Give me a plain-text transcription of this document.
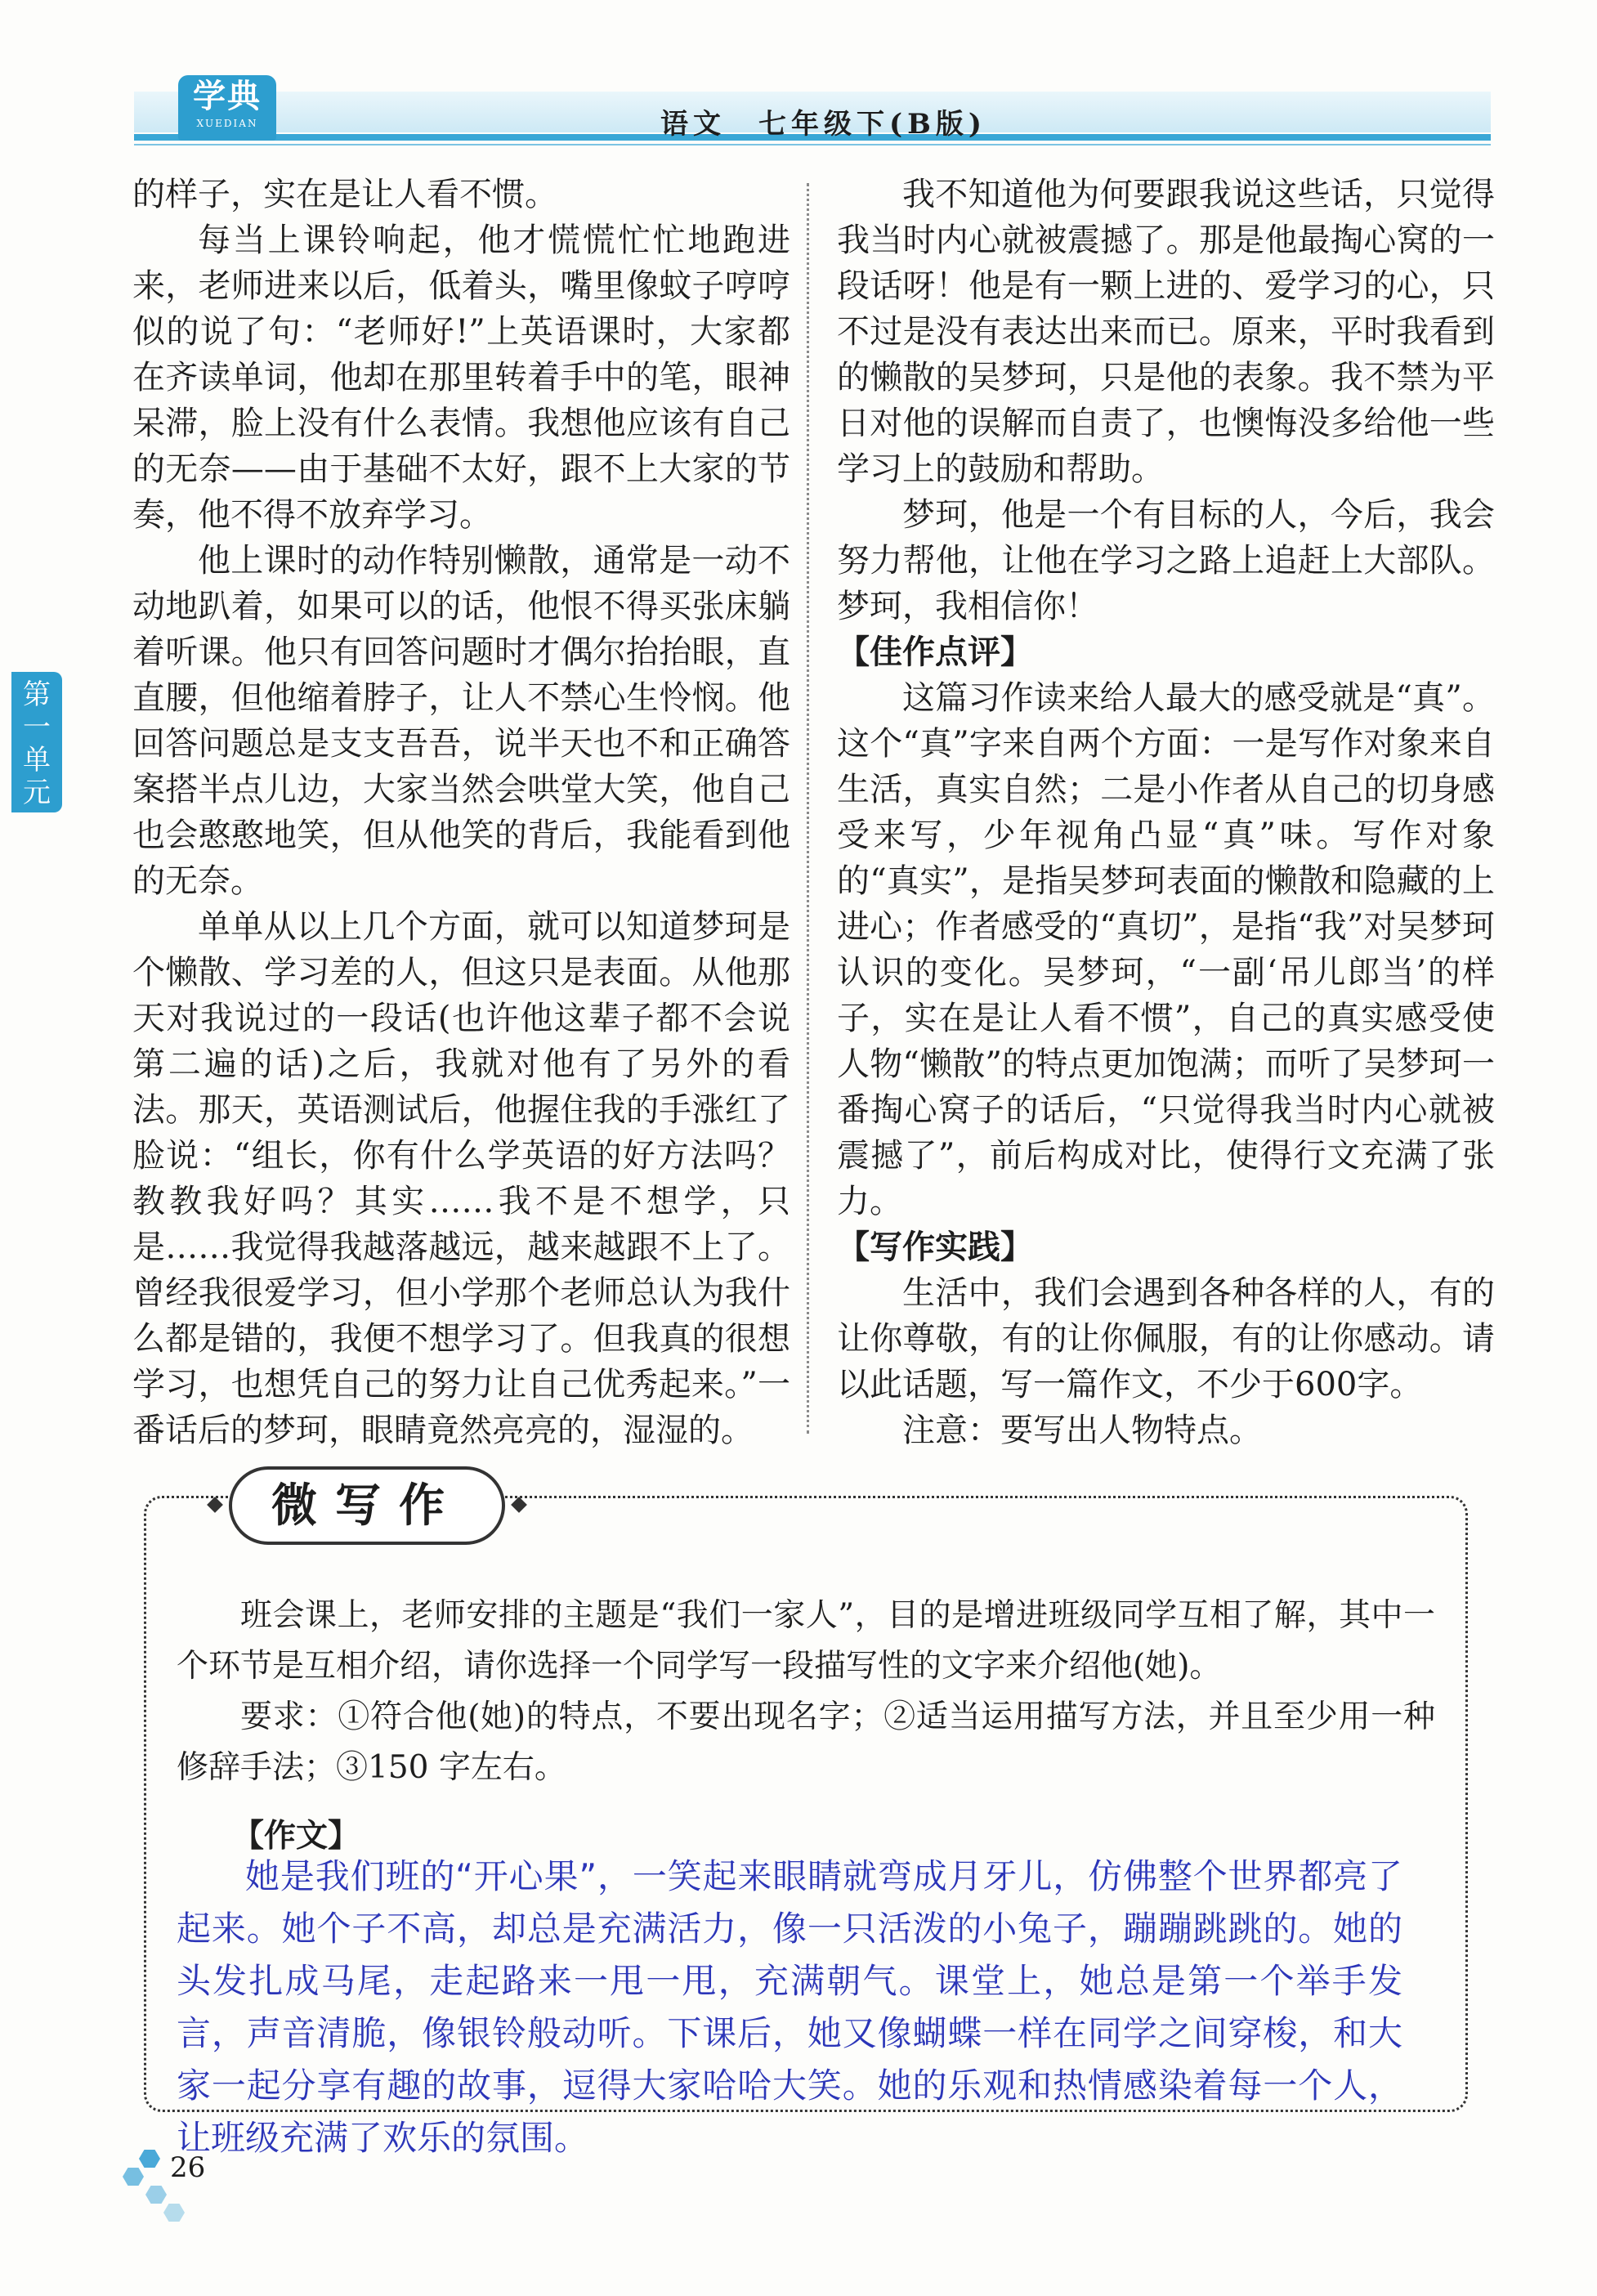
学典
XUEDIAN	语文　七年级下(B版)
第一单元

的样子，实在是让人看不惯。

每当上课铃响起，他才慌慌忙忙地跑进来，老师进来以后，低着头，嘴里像蚊子哼哼似的说了句：“老师好!”上英语课时，大家都在齐读单词，他却在那里转着手中的笔，眼神呆滞，脸上没有什么表情。我想他应该有自己的无奈——由于基础不太好，跟不上大家的节奏，他不得不放弃学习。

他上课时的动作特别懒散，通常是一动不动地趴着，如果可以的话，他恨不得买张床躺着听课。他只有回答问题时才偶尔抬抬眼，直直腰，但他缩着脖子，让人不禁心生怜悯。他回答问题总是支支吾吾，说半天也不和正确答案搭半点儿边，大家当然会哄堂大笑，他自己也会憨憨地笑，但从他笑的背后，我能看到他的无奈。

单单从以上几个方面，就可以知道梦珂是个懒散、学习差的人，但这只是表面。从他那天对我说过的一段话(也许他这辈子都不会说第二遍的话)之后，我就对他有了另外的看法。那天，英语测试后，他握住我的手涨红了脸说：“组长，你有什么学英语的好方法吗？教教我好吗？其实……我不是不想学，只是……我觉得我越落越远，越来越跟不上了。曾经我很爱学习，但小学那个老师总认为我什么都是错的，我便不想学习了。但我真的很想学习，也想凭自己的努力让自己优秀起来。”一番话后的梦珂，眼睛竟然亮亮的，湿湿的。

我不知道他为何要跟我说这些话，只觉得我当时内心就被震撼了。那是他最掏心窝的一段话呀！他是有一颗上进的、爱学习的心，只不过是没有表达出来而已。原来，平时我看到的懒散的吴梦珂，只是他的表象。我不禁为平日对他的误解而自责了，也懊悔没多给他一些学习上的鼓励和帮助。

梦珂，他是一个有目标的人，今后，我会努力帮他，让他在学习之路上追赶上大部队。梦珂，我相信你！

【佳作点评】

这篇习作读来给人最大的感受就是“真”。这个“真”字来自两个方面：一是写作对象来自生活，真实自然；二是小作者从自己的切身感受来写，少年视角凸显“真”味。写作对象的“真实”，是指吴梦珂表面的懒散和隐藏的上进心；作者感受的“真切”，是指“我”对吴梦珂认识的变化。吴梦珂，“一副‘吊儿郎当’的样子，实在是让人看不惯”，自己的真实感受使人物“懒散”的特点更加饱满；而听了吴梦珂一番掏心窝子的话后，“只觉得我当时内心就被震撼了”，前后构成对比，使得行文充满了张力。

【写作实践】

生活中，我们会遇到各种各样的人，有的让你尊敬，有的让你佩服，有的让你感动。请以此话题，写一篇作文，不少于600字。

注意：要写出人物特点。

微写作

班会课上，老师安排的主题是“我们一家人”，目的是增进班级同学互相了解，其中一个环节是互相介绍，请你选择一个同学写一段描写性的文字来介绍他(她)。

要求：①符合他(她)的特点，不要出现名字；②适当运用描写方法，并且至少用一种修辞手法；③150 字左右。

【作文】

她是我们班的“开心果”，一笑起来眼睛就弯成月牙儿，仿佛整个世界都亮了起来。她个子不高，却总是充满活力，像一只活泼的小兔子，蹦蹦跳跳的。她的头发扎成马尾，走起路来一甩一甩，充满朝气。课堂上，她总是第一个举手发言，声音清脆，像银铃般动听。下课后，她又像蝴蝶一样在同学之间穿梭，和大家一起分享有趣的故事，逗得大家哈哈大笑。她的乐观和热情感染着每一个人，让班级充满了欢乐的氛围。

26
